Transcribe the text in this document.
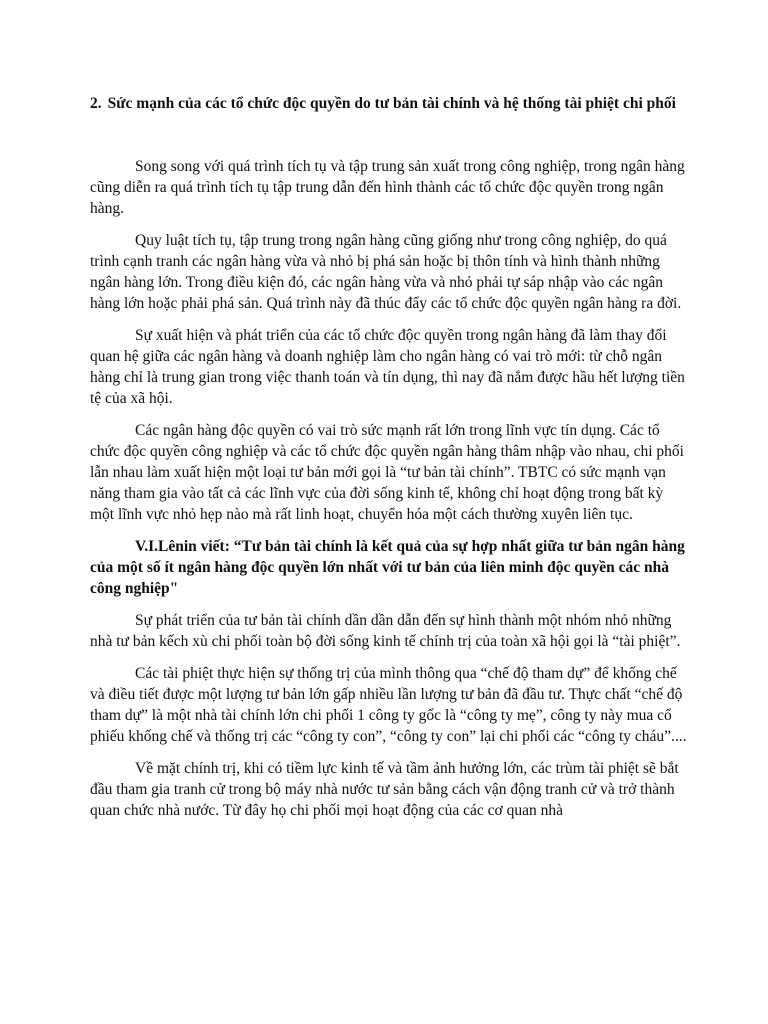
2. Sức mạnh của các tổ chức độc quyền do tư bản tài chính và hệ thống tài phiệt chi phối

Song song với quá trình tích tụ và tập trung sản xuất trong công nghiệp, trong ngân hàng cũng diễn ra quá trình tích tụ tập trung dẫn đến hình thành các tổ chức độc quyền trong ngân hàng.

Quy luật tích tụ, tập trung trong ngân hàng cũng giống như trong công nghiệp, do quá trình cạnh tranh các ngân hàng vừa và nhỏ bị phá sản hoặc bị thôn tính và hình thành những ngân hàng lớn. Trong điều kiện đó, các ngân hàng vừa và nhỏ phải tự sáp nhập vào các ngân hàng lớn hoặc phải phá sản. Quá trình này đã thúc đẩy các tổ chức độc quyền ngân hàng ra đời.

Sự xuất hiện và phát triển của các tổ chức độc quyền trong ngân hàng đã làm thay đổi quan hệ giữa các ngân hàng và doanh nghiệp làm cho ngân hàng có vai trò mới: từ chỗ ngân hàng chỉ là trung gian trong việc thanh toán và tín dụng, thì nay đã nắm được hầu hết lượng tiền tệ của xã hội.

Các ngân hàng độc quyền có vai trò sức mạnh rất lớn trong lĩnh vực tín dụng. Các tổ chức độc quyền công nghiệp và các tổ chức độc quyền ngân hàng thâm nhập vào nhau, chi phối lẫn nhau làm xuất hiện một loại tư bản mới gọi là “tư bản tài chính”. TBTC có sức mạnh vạn năng tham gia vào tất cả các lĩnh vực của đời sống kinh tế, không chỉ hoạt động trong bất kỳ một lĩnh vực nhỏ hẹp nào mà rất linh hoạt, chuyển hóa một cách thường xuyên liên tục.

V.I.Lênin viết: “Tư bản tài chính là kết quả của sự hợp nhất giữa tư bản ngân hàng của một số ít ngân hàng độc quyền lớn nhất với tư bản của liên minh độc quyền các nhà công nghiệp"

Sự phát triển của tư bản tài chính dần dần dẫn đến sự hình thành một nhóm nhỏ những nhà tư bản kếch xù chi phối toàn bộ đời sống kinh tế chính trị của toàn xã hội gọi là “tài phiệt”.

Các tài phiệt thực hiện sự thống trị của mình thông qua “chế độ tham dự” để khống chế và điều tiết được một lượng tư bản lớn gấp nhiều lần lượng tư bản đã đầu tư. Thực chất “chế độ tham dự” là một nhà tài chính lớn chi phối 1 công ty gốc là “công ty mẹ”, công ty này mua cổ phiếu khống chế và thống trị các “công ty con”, “công ty con” lại chi phối các “công ty cháu”....

Về mặt chính trị, khi có tiềm lực kinh tế và tầm ảnh hưởng lớn, các trùm tài phiệt sẽ bắt đầu tham gia tranh cử trong bộ máy nhà nước tư sản bằng cách vận động tranh cử và trở thành quan chức nhà nước. Từ đây họ chi phối mọi hoạt động của các cơ quan nhà
